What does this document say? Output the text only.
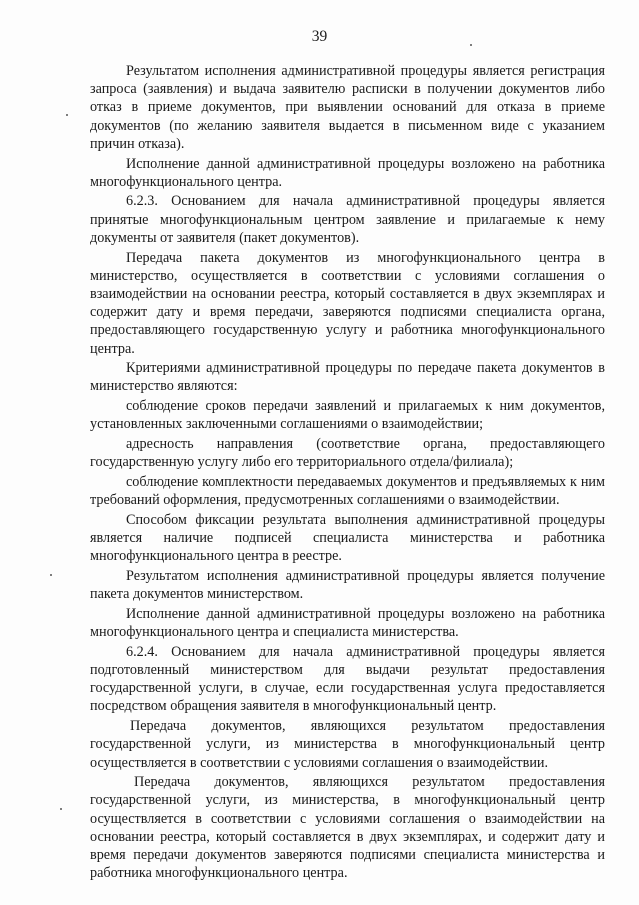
39

Результатом исполнения административной процедуры является регистрация запроса (заявления) и выдача заявителю расписки в получении документов либо отказ в приеме документов, при выявлении оснований для отказа в приеме документов (по желанию заявителя выдается в письменном виде с указанием причин отказа).

Исполнение данной административной процедуры возложено на работника многофункционального центра.

6.2.3. Основанием для начала административной процедуры является принятые многофункциональным центром заявление и прилагаемые к нему документы от заявителя (пакет документов).

Передача пакета документов из многофункционального центра в министерство, осуществляется в соответствии с условиями соглашения о взаимодействии на основании реестра, который составляется в двух экземплярах и содержит дату и время передачи, заверяются подписями специалиста органа, предоставляющего государственную услугу и работника многофункционального центра.

Критериями административной процедуры по передаче пакета документов в министерство являются:

соблюдение сроков передачи заявлений и прилагаемых к ним документов, установленных заключенными соглашениями о взаимодействии;

адресность направления (соответствие органа, предоставляющего государственную услугу либо его территориального отдела/филиала);

соблюдение комплектности передаваемых документов и предъявляемых к ним требований оформления, предусмотренных соглашениями о взаимодействии.

Способом фиксации результата выполнения административной процедуры является наличие подписей специалиста министерства и работника многофункционального центра в реестре.

Результатом исполнения административной процедуры является получение пакета документов министерством.

Исполнение данной административной процедуры возложено на работника многофункционального центра и специалиста министерства.

6.2.4. Основанием для начала административной процедуры является подготовленный министерством для выдачи результат предоставления государственной услуги, в случае, если государственная услуга предоставляется посредством обращения заявителя в многофункциональный центр.

Передача документов, являющихся результатом предоставления государственной услуги, из министерства в многофункциональный центр осуществляется в соответствии с условиями соглашения о взаимодействии.

Передача документов, являющихся результатом предоставления государственной услуги, из министерства, в многофункциональный центр осуществляется в соответствии с условиями соглашения о взаимодействии на основании реестра, который составляется в двух экземплярах, и содержит дату и время передачи документов заверяются подписями специалиста министерства и работника многофункционального центра.
